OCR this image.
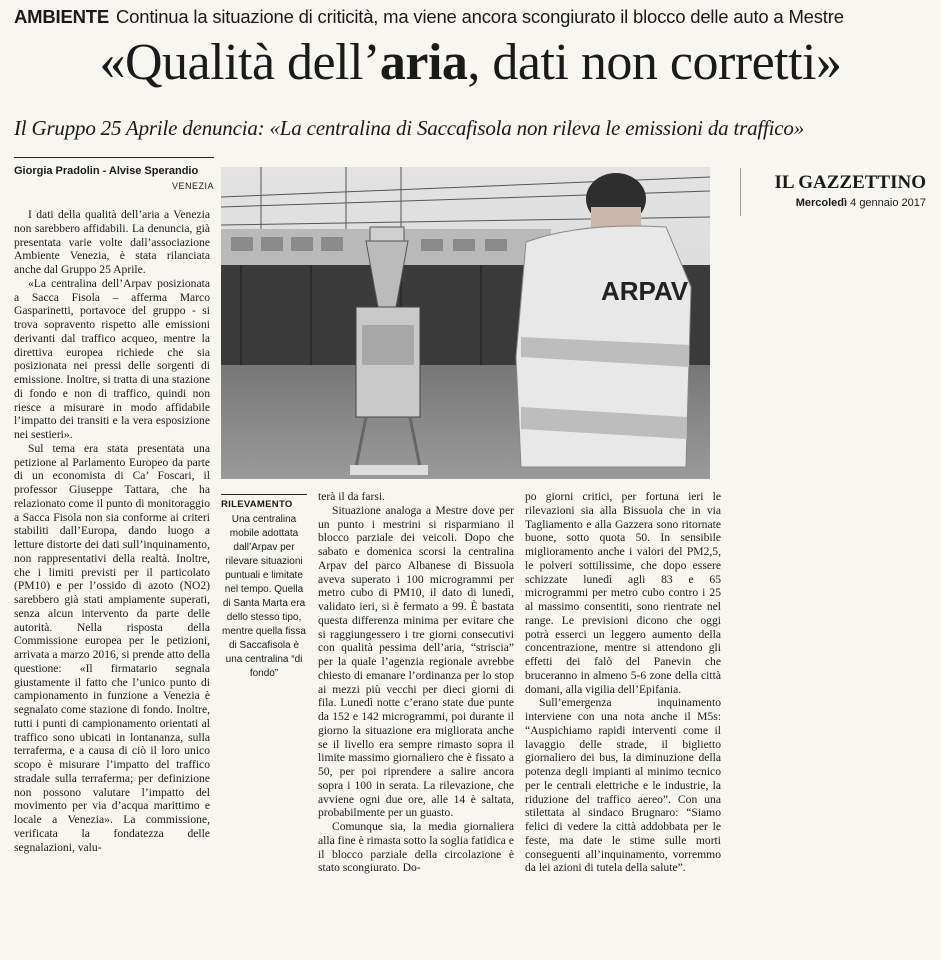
AMBIENTE Continua la situazione di criticità, ma viene ancora scongiurato il blocco delle auto a Mestre
«Qualità dell’aria, dati non corretti»
Il Gruppo 25 Aprile denuncia: «La centralina di Saccafisola non rileva le emissioni da traffico»
Giorgia Pradolin - Alvise Sperandio
VENEZIA	IL GAZZETTINO
Mercoledì 4 gennaio 2017
ARPAV
RILEVAMENTO
Una centralina mobile adottata dall’Arpav per rilevare situazioni puntuali e limitate nel tempo. Quella di Santa Marta era dello stesso tipo, mentre quella fissa di Saccafisola è una centralina “di fondo”

I dati della qualità dell’aria a Venezia non sarebbero affidabili. La denuncia, già presentata varie volte dall’associazione Ambiente Venezia, è stata rilanciata anche dal Gruppo 25 Aprile.

«La centralina dell’Arpav posizionata a Sacca Fisola – afferma Marco Gasparinetti, portavoce del gruppo - si trova sopravento rispetto alle emissioni derivanti dal traffico acqueo, mentre la direttiva europea richiede che sia posizionata nei pressi delle sorgenti di emissione. Inoltre, si tratta di una stazione di fondo e non di traffico, quindi non riesce a misurare in modo affidabile l’impatto dei transiti e la vera esposizione nei sestieri».

Sul tema era stata presentata una petizione al Parlamento Europeo da parte di un economista di Ca’ Foscari, il professor Giuseppe Tattara, che ha relazionato come il punto di monitoraggio a Sacca Fisola non sia conforme ai criteri stabiliti dall’Europa, dando luogo a letture distorte dei dati sull’inquinamento, non rappresentativi della realtà. Inoltre, che i limiti previsti per il particolato (PM10) e per l’ossido di azoto (NO2) sarebbero già stati ampiamente superati, senza alcun intervento da parte delle autorità. Nella risposta della Commissione europea per le petizioni, arrivata a marzo 2016, si prende atto della questione: «Il firmatario segnala giustamente il fatto che l’unico punto di campionamento in funzione a Venezia è segnalato come stazione di fondo. Inoltre, tutti i punti di campionamento orientati al traffico sono ubicati in lontananza, sulla terraferma, e a causa di ciò il loro unico scopo è misurare l’impatto del traffico stradale sulla terraferma; per definizione non possono valutare l’impatto del movimento per via d’acqua marittimo e locale a Venezia». La commissione, verificata la fondatezza delle segnalazioni, valu-

terà il da farsi.

Situazione analoga a Mestre dove per un punto i mestrini si risparmiano il blocco parziale dei veicoli. Dopo che sabato e domenica scorsi la centralina Arpav del parco Albanese di Bissuola aveva superato i 100 microgrammi per metro cubo di PM10, il dato di lunedì, validato ieri, si è fermato a 99. È bastata questa differenza minima per evitare che si raggiungessero i tre giorni consecutivi con qualità pessima dell’aria, “striscia” per la quale l’agenzia regionale avrebbe chiesto di emanare l’ordinanza per lo stop ai mezzi più vecchi per dieci giorni di fila. Lunedì notte c’erano state due punte da 152 e 142 microgrammi, poi durante il giorno la situazione era migliorata anche se il livello era sempre rimasto sopra il limite massimo giornaliero che è fissato a 50, per poi riprendere a salire ancora sopra i 100 in serata. La rilevazione, che avviene ogni due ore, alle 14 è saltata, probabilmente per un guasto.

Comunque sia, la media giornaliera alla fine è rimasta sotto la soglia fatidica e il blocco parziale della circolazione è stato scongiurato. Do-

po giorni critici, per fortuna ieri le rilevazioni sia alla Bissuola che in via Tagliamento e alla Gazzera sono ritornate buone, sotto quota 50. In sensibile miglioramento anche i valori del PM2,5, le polveri sottilissime, che dopo essere schizzate lunedì agli 83 e 65 microgrammi per metro cubo contro i 25 al massimo consentiti, sono rientrate nel range. Le previsioni dicono che oggi potrà esserci un leggero aumento della concentrazione, mentre si attendono gli effetti dei falò del Panevin che bruceranno in almeno 5-6 zone della città domani, alla vigilia dell’Epifania.

Sull’emergenza inquinamento interviene con una nota anche il M5s: “Auspichiamo rapidi interventi come il lavaggio delle strade, il biglietto giornaliero dei bus, la diminuzione della potenza degli impianti al minimo tecnico per le centrali elettriche e le industrie, la riduzione del traffico aereo”. Con una stilettata al sindaco Brugnaro: “Siamo felici di vedere la città addobbata per le feste, ma date le stime sulle morti conseguenti all’inquinamento, vorremmo da lei azioni di tutela della salute”.
